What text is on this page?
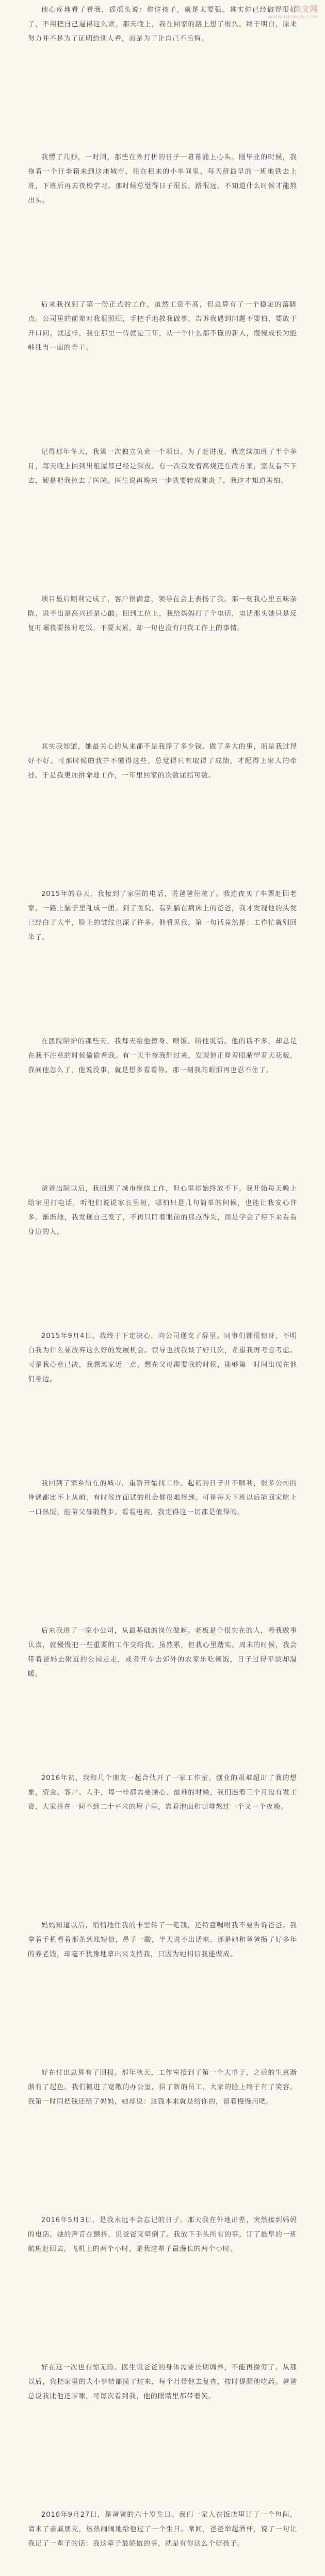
美文网
WWW.MEIWEN.COM

他心疼地看了看我，摇摇头说：你这孩子，就是太要强。其实你已经做得很好了，不用把自己逼得这么紧。那天晚上，我在回家的路上想了很久，终于明白，原来努力并不是为了证明给别人看，而是为了让自己不后悔。

我愣了几秒，一时间，那些在外打拼的日子一幕幕涌上心头。刚毕业的时候，我拖着一个行李箱来到这座城市，住在租来的小单间里，每天挤最早的一班地铁去上班，下班后再去夜校学习。那时候总觉得日子很长，路很远，不知道什么时候才能熬出头。

后来我找到了第一份正式的工作，虽然工资不高，但总算有了一个稳定的落脚点。公司里的前辈对我很照顾，手把手地教我做事，告诉我遇到问题不要怕，要敢于开口问。就这样，我在那里一待就是三年，从一个什么都不懂的新人，慢慢成长为能够独当一面的骨干。

记得那年冬天，我第一次独立负责一个项目。为了赶进度，我连续加班了半个多月，每天晚上回到出租屋都已经是深夜。有一次我发着高烧还在改方案，室友看不下去，硬是把我拉去了医院。医生说再晚来一步就要转成肺炎了，我这才知道害怕。

项目最后顺利完成了，客户很满意，领导在会上表扬了我。那一刻我心里五味杂陈，说不出是高兴还是心酸。回到工位上，我给妈妈打了个电话，电话那头她只是反复叮嘱我要按时吃饭，不要太累，却一句也没有问我工作上的事情。

其实我知道，她最关心的从来都不是我挣了多少钱、做了多大的事，而是我过得好不好。可那时候的我并不懂得这些，总觉得只有取得了成绩，才配得上家人的牵挂。于是我更加拼命地工作，一年里回家的次数屈指可数。

2015年的春天，我接到了家里的电话，说爸爸住院了。我连夜买了车票赶回老家，一路上脑子里乱成一团。到了医院，看到躺在病床上的爸爸，我才发现他的头发已经白了大半，脸上的皱纹也深了许多。他看见我，第一句话竟然是：工作忙就别回来了。

在医院陪护的那些天，我每天给他擦身、喂饭、陪他说话。他的话不多，却总是在我不注意的时候偷偷看我。有一天半夜我醒过来，发现他正睁着眼睛望着天花板，我问他怎么了，他说没事，就是想多看看你。那一刻我的眼泪再也忍不住了。

爸爸出院以后，我回到了城市继续工作，但心里却始终放不下。我开始每天晚上给家里打电话，听他们说说家长里短，哪怕只是几句简单的问候，也能让我安心许多。渐渐地，我发现自己变了，不再只盯着眼前的那点得失，而是学会了停下来看看身边的人。

2015年9月4日，我终于下定决心，向公司递交了辞呈。同事们都很惊讶，不明白我为什么要放弃这么好的发展机会。领导也找我谈了好几次，希望我再考虑考虑。可是我心意已决，我想离家近一点，想在父母需要我的时候，能够第一时间出现在他们身边。

我回到了家乡所在的城市，重新开始找工作。起初的日子并不顺利，很多公司的待遇都比不上从前，有时候连面试的机会都很难得到。可是每天下班以后能回家吃上一口热饭，能陪父母散散步、看看电视，我觉得这一切都是值得的。

后来我进了一家小公司，从最基础的岗位做起。老板是个很实在的人，看我做事认真，就慢慢把一些重要的工作交给我。虽然累，但我心里踏实。周末的时候，我会带着爸妈去附近的公园走走，或者开车去郊外的农家乐吃顿饭，日子过得平淡却温暖。

2016年初，我和几个朋友一起合伙开了一家工作室。创业的艰难超出了我的想象，资金、客户、人手，每一样都需要操心。最难的时候，我们连着三个月没有发工资，大家挤在一间不到二十平米的屋子里，靠着泡面和咖啡熬过一个又一个夜晚。

妈妈知道以后，悄悄地往我的卡里转了一笔钱，还特意嘱咐我不要告诉爸爸。我拿着手机看着那条到账短信，鼻子一酸，半天说不出话来。那是她和爸爸攒了好多年的养老钱，却毫不犹豫地拿出来支持我，只因为她相信我能做成。

好在付出总算有了回报。那年秋天，工作室接到了第一个大单子，之后的生意渐渐有了起色。我们搬进了宽敞的办公室，招了新的员工，大家的脸上终于有了笑容。我第一时间把钱还给了妈妈，她却说：这钱本来就是给你的，留着慢慢用吧。

2016年5月3日，是我永远不会忘记的日子。那天我在外地出差，突然接到妈妈的电话，她的声音在颤抖，说爸爸又晕倒了。我放下手头所有的事，订了最早的一班航班赶回去。飞机上的两个小时，是我这辈子最漫长的两个小时。

好在这一次也有惊无险。医生说爸爸的身体需要长期调养，不能再操劳了。从那以后，我把家里的大小事情都揽了过来，每个月带他去复查，按时提醒他吃药。爸爸总说我比他还啰嗦，可每次看到我，他的眼睛里都带着笑。

2016年9月27日，是爸爸的六十岁生日。我们一家人在饭店里订了一个包间，请来了亲戚朋友，热热闹闹地给他过了一个生日。席间，爸爸举起酒杯，说了一句让我记了一辈子的话：我这辈子最骄傲的事，就是有你这么个好孩子。
